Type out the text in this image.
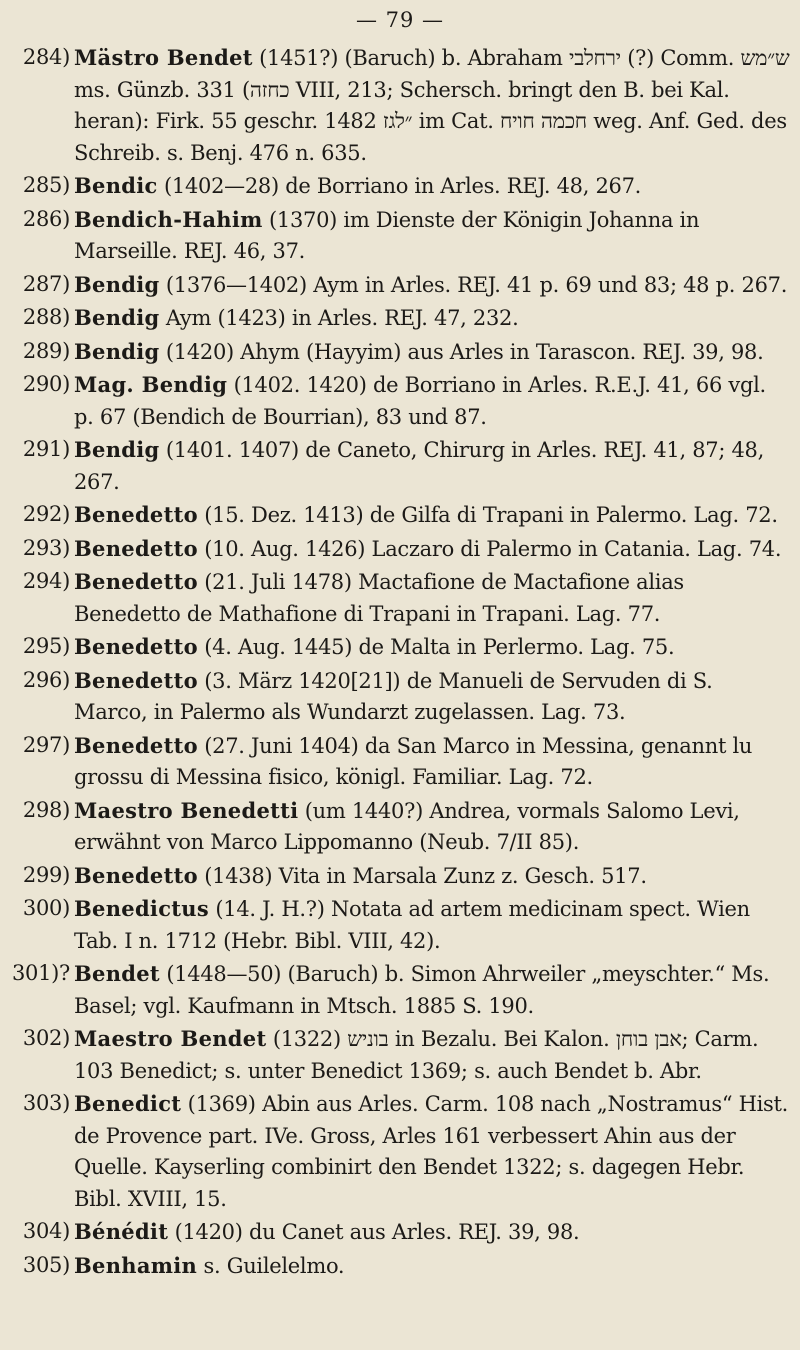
— 79 —
284) Mästro Bendet (1451?) (Baruch) b. Abraham ירחלבי (?) Comm. ש״מש ms. Günzb. 331 (כחזה VIII, 213; Schersch. bringt den B. bei Kal. heran): Firk. 55 geschr. ״לגז 1482 im Cat. חכמה חויח weg. Anf. Ged. des Schreib. s. Benj. 476 n. 635.
285) Bendic (1402—28) de Borriano in Arles. REJ. 48, 267.
286) Bendich-Hahim (1370) im Dienste der Königin Johanna in Marseille. REJ. 46, 37.
287) Bendig (1376—1402) Aym in Arles. REJ. 41 p. 69 und 83; 48 p. 267.
288) Bendig Aym (1423) in Arles. REJ. 47, 232.
289) Bendig (1420) Ahym (Hayyim) aus Arles in Tarascon. REJ. 39, 98.
290) Mag. Bendig (1402. 1420) de Borriano in Arles. R.E.J. 41, 66 vgl. p. 67 (Bendich de Bourrian), 83 und 87.
291) Bendig (1401. 1407) de Caneto, Chirurg in Arles. REJ. 41, 87; 48, 267.
292) Benedetto (15. Dez. 1413) de Gilfa di Trapani in Palermo. Lag. 72.
293) Benedetto (10. Aug. 1426) Laczaro di Palermo in Catania. Lag. 74.
294) Benedetto (21. Juli 1478) Mactafione de Mactafione alias Benedetto de Mathafione di Trapani in Trapani. Lag. 77.
295) Benedetto (4. Aug. 1445) de Malta in Perlermo. Lag. 75.
296) Benedetto (3. März 1420[21]) de Manueli de Servuden di S. Marco, in Palermo als Wundarzt zugelassen. Lag. 73.
297) Benedetto (27. Juni 1404) da San Marco in Messina, genannt lu grossu di Messina fisico, königl. Familiar. Lag. 72.
298) Maestro Benedetti (um 1440?) Andrea, vormals Salomo Levi, erwähnt von Marco Lippomanno (Neub. 7/II 85).
299) Benedetto (1438) Vita in Marsala Zunz z. Gesch. 517.
300) Benedictus (14. J. H.?) Notata ad artem medicinam spect. Wien Tab. I n. 1712 (Hebr. Bibl. VIII, 42).
301)? Bendet (1448—50) (Baruch) b. Simon Ahrweiler „meyschter.“ Ms. Basel; vgl. Kaufmann in Mtsch. 1885 S. 190.
302) Maestro Bendet (1322) בוניש in Bezalu. Bei Kalon. אבן בוחן; Carm. 103 Benedict; s. unter Benedict 1369; s. auch Bendet b. Abr.
303) Benedict (1369) Abin aus Arles. Carm. 108 nach „Nostramus“ Hist. de Provence part. IVe. Gross, Arles 161 verbessert Ahin aus der Quelle. Kayserling combinirt den Bendet 1322; s. dagegen Hebr. Bibl. XVIII, 15.
304) Bénédit (1420) du Canet aus Arles. REJ. 39, 98.
305) Benhamin s. Guilelelmo.
